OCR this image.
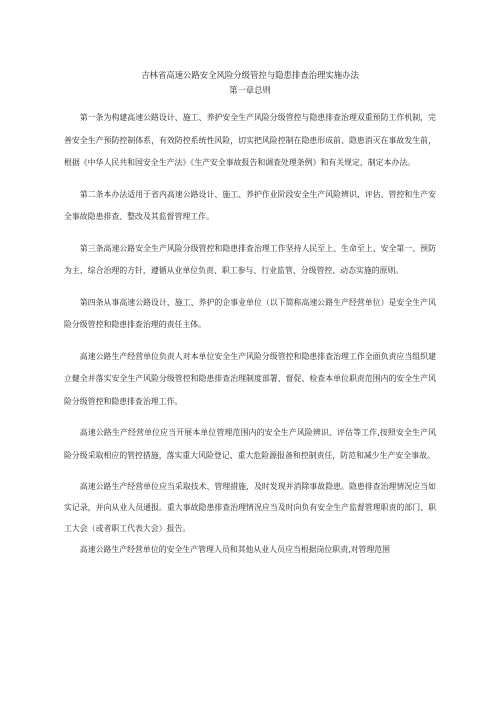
吉林省高速公路安全风险分级管控与隐患排查治理实施办法
第一章总则

第一条为构建高速公路设计、施工、养护安全生产风险分级管控与隐患排查治理双重预防工作机制，完善安全生产预防控制体系，有效防控系统性风险，切实把风险控制在隐患形成前、隐患消灭在事故发生前，根据《中华人民共和国安全生产法》《生产安全事故报告和调查处理条例》和有关规定，制定本办法。

第二条本办法适用于省内高速公路设计、施工、养护作业阶段安全生产风险辨识、评估、管控和生产安全事故隐患排查、整改及其监督管理工作。

第三条高速公路安全生产风险分级管控和隐患排查治理工作坚持人民至上、生命至上、安全第一、预防为主、综合治理的方针，遵循从业单位负责、职工参与、行业监管、分级管控、动态实施的原则。

第四条从事高速公路设计、施工、养护的企事业单位（以下简称高速公路生产经营单位）是安全生产风险分级管控和隐患排查治理的责任主体。

高速公路生产经营单位负责人对本单位安全生产风险分级管控和隐患排查治理工作全面负责应当组织建立健全并落实安全生产风险分级管控和隐患排查治理制度部署、督促、检查本单位职责范围内的安全生产风险分级管控和隐患排查治理工作。

高速公路生产经营单位应当开展本单位管理范围内的安全生产风险辨识、评估等工作,按照安全生产风险分级采取相应的管控措施，落实重大风险登记、重大危险源报备和控制责任，防范和减少生产安全事故。

高速公路生产经营单位应当采取技术、管理措施，及时发现并消除事故隐患。隐患排查治理情况应当如实记录，并向从业人员通报。重大事故隐患排查治理情况应当及时向负有安全生产监督管理职责的部门、职工大会（或者职工代表大会）报告。

高速公路生产经营单位的安全生产管理人员和其他从业人员应当根据岗位职责,对管理范围
